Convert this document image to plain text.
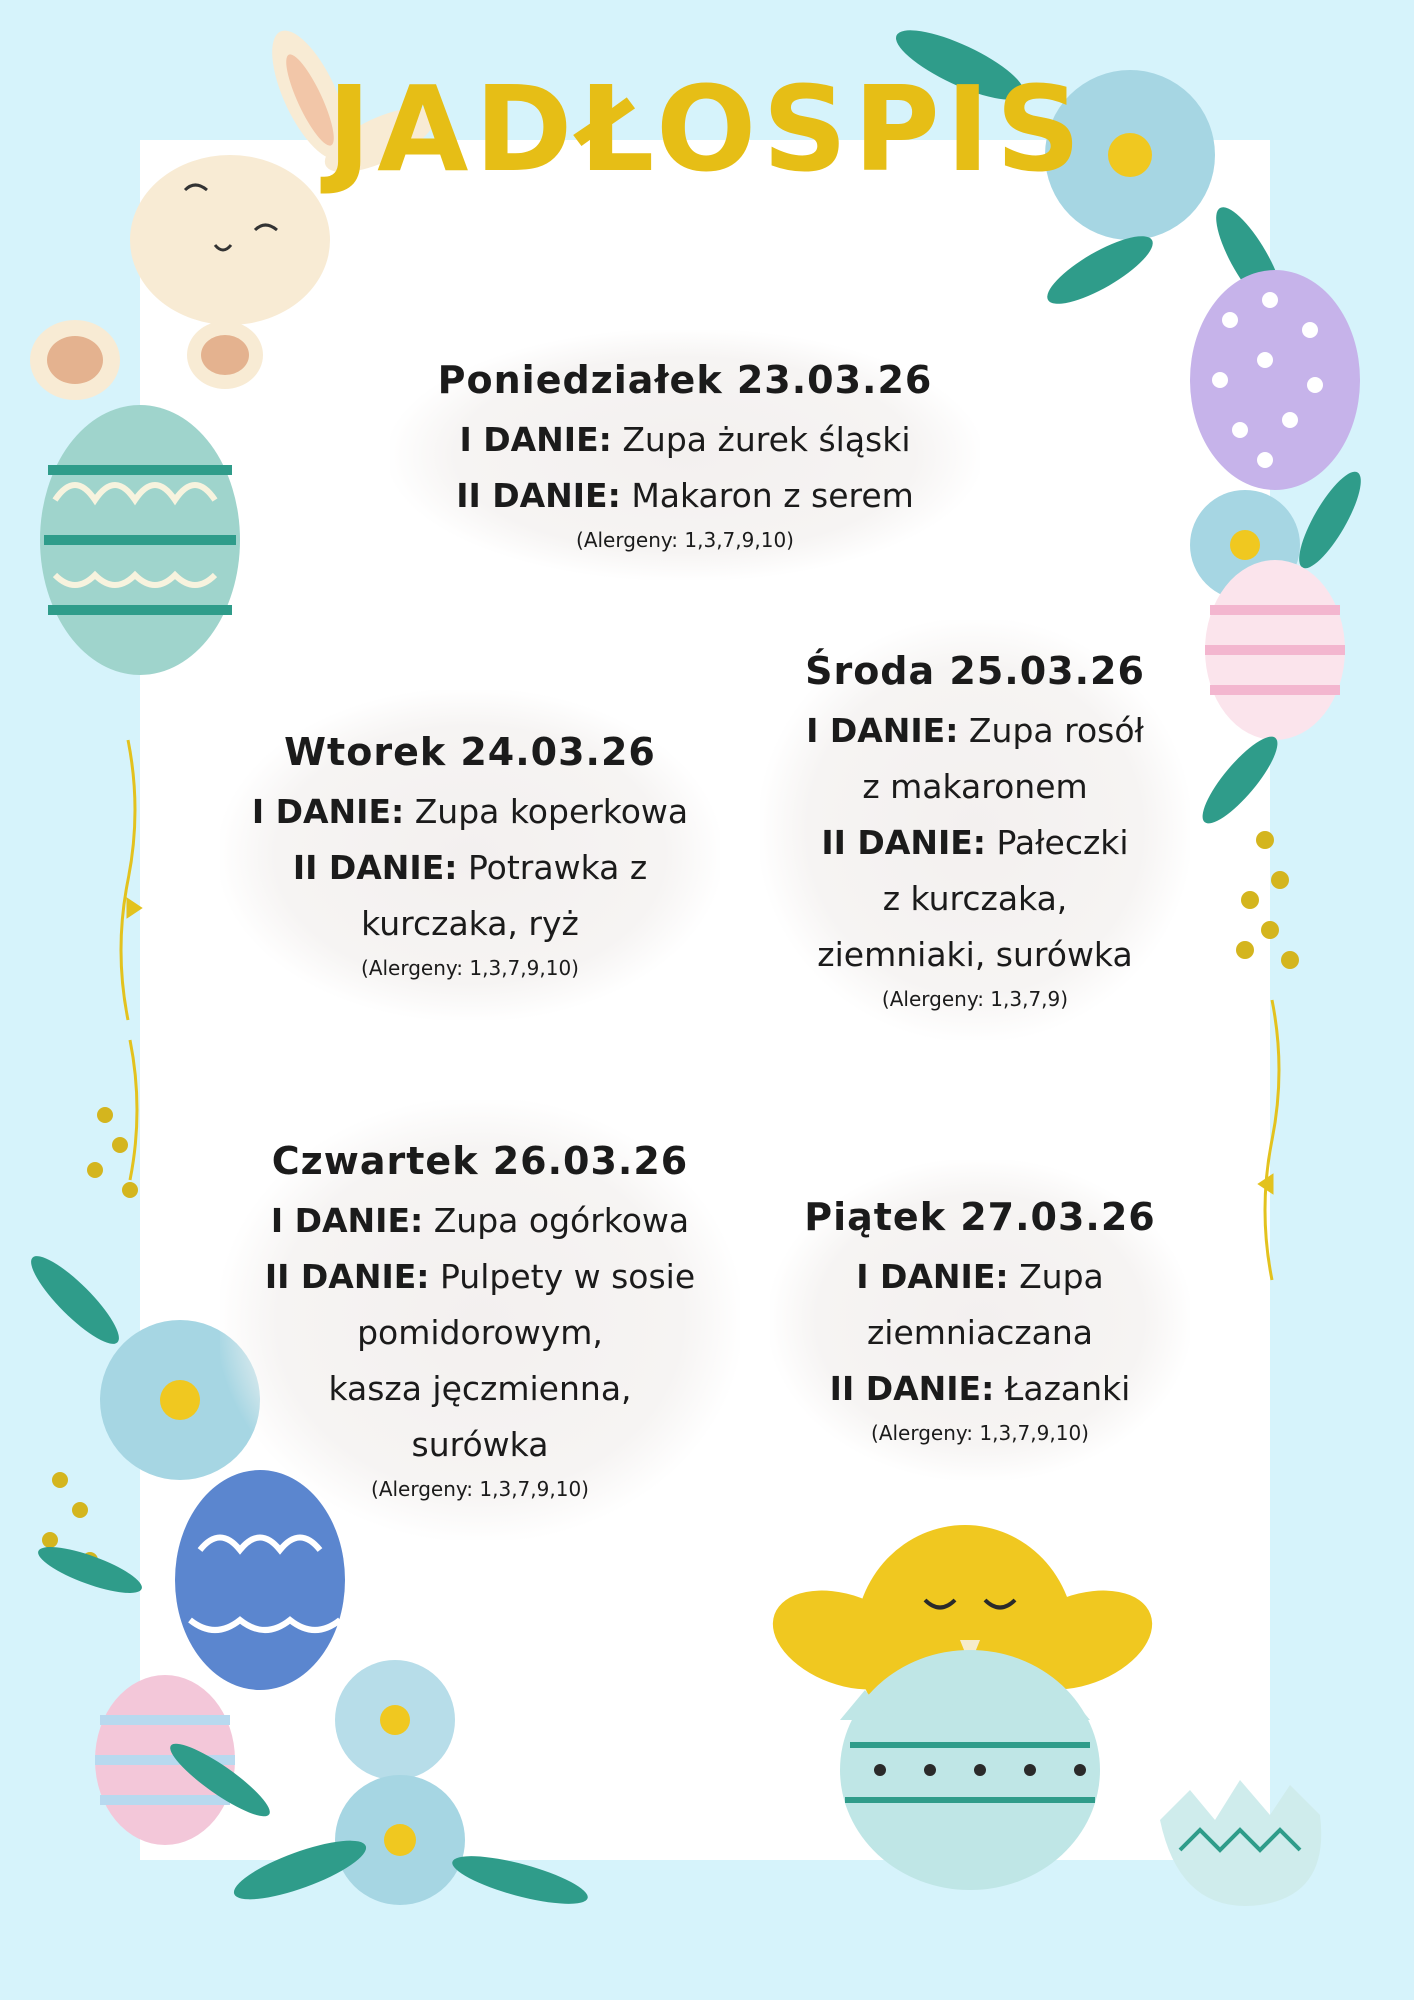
JADŁOSPIS
Poniedziałek 23.03.26
I DANIE: Zupa żurek śląski
II DANIE: Makaron z serem
(Alergeny: 1,3,7,9,10)
Wtorek 24.03.26
I DANIE: Zupa koperkowa
II DANIE: Potrawka z
kurczaka, ryż
(Alergeny: 1,3,7,9,10)
Środa 25.03.26
I DANIE: Zupa rosół
z makaronem
II DANIE: Pałeczki
z kurczaka,
ziemniaki, surówka
(Alergeny: 1,3,7,9)
Czwartek 26.03.26
I DANIE: Zupa ogórkowa
II DANIE: Pulpety w sosie
pomidorowym,
kasza jęczmienna,
surówka
(Alergeny: 1,3,7,9,10)
Piątek 27.03.26
I DANIE: Zupa
ziemniaczana
II DANIE: Łazanki
(Alergeny: 1,3,7,9,10)
